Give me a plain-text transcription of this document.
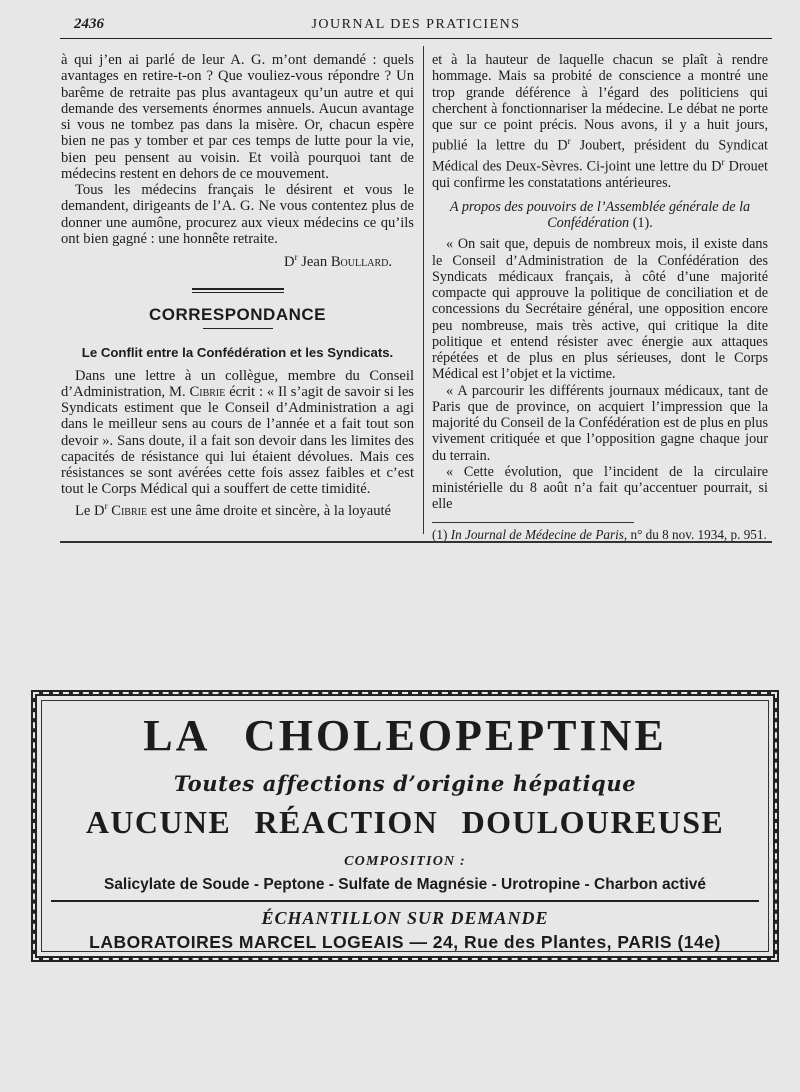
2436	JOURNAL DES PRATICIENS

à qui j’en ai parlé de leur A. G. m’ont demandé : quels avantages en retire-t-on ? Que vouliez-vous répondre ? Un barême de retraite pas plus avantageux qu’un autre et qui demande des versements énormes annuels. Aucun avantage si vous ne tombez pas dans la misère. Or, chacun espère bien ne pas y tomber et par ces temps de lutte pour la vie, bien peu pensent au voisin. Et voilà pourquoi tant de médecins restent en dehors de ce mouvement.

Tous les médecins français le désirent et vous le demandent, dirigeants de l’A. G. Ne vous contentez plus de donner une aumône, procurez aux vieux médecins ce qu’ils ont bien gagné : une honnête retraite.

$D^r$ Jean Boullard.

CORRESPONDANCE
Le Conflit entre la Confédération et les Syndicats.

Dans une lettre à un collègue, membre du Conseil d’Administration, M. Cibrie écrit : « Il s’agit de savoir si les Syndicats estiment que le Conseil d’Administration a agi dans le meilleur sens au cours de l’année et a fait tout son devoir ». Sans doute, il a fait son devoir dans les limites des capacités de résistance qui lui étaient dévolues. Mais ces résistances se sont avérées cette fois assez faibles et c’est tout le Corps Médical qui a souffert de cette timidité.

Le $D^r$ Cibrie est une âme droite et sincère, à la loyauté

et à la hauteur de laquelle chacun se plaît à rendre hommage. Mais sa probité de conscience a montré une trop grande déférence à l’égard des politiciens qui cherchent à fonctionnariser la médecine. Le débat ne porte que sur ce point précis. Nous avons, il y a huit jours, publié la lettre du $D^r$ Joubert, président du Syndicat Médical des Deux-Sèvres. Ci-joint une lettre du $D^r$ Drouet qui confirme les constatations antérieures.

A propos des pouvoirs de l’Assemblée générale de la Confédération (1).

« On sait que, depuis de nombreux mois, il existe dans le Conseil d’Administration de la Confédération des Syndicats médicaux français, à côté d’une majorité compacte qui approuve la politique de conciliation et de concessions du Secrétaire général, une opposition encore peu nombreuse, mais très active, qui critique la dite politique et entend résister avec énergie aux attaques répétées et de plus en plus sérieuses, dont le Corps Médical est l’objet et la victime.

« A parcourir les différents journaux médicaux, tant de Paris que de province, on acquiert l’impression que la majorité du Conseil de la Confédération est de plus en plus vivement critiquée et que l’opposition gagne chaque jour du terrain.

« Cette évolution, que l’incident de la circulaire ministérielle du 8 août n’a fait qu’accentuer pourrait, si elle

(1) In Journal de Médecine de Paris, n° du 8 nov. 1934, p. 951.

LA CHOLEOPEPTINE
Toutes affections d’origine hépatique
AUCUNE RÉACTION DOULOUREUSE
COMPOSITION :
Salicylate de Soude - Peptone - Sulfate de Magnésie - Urotropine - Charbon activé
ÉCHANTILLON SUR DEMANDE
LABORATOIRES MARCEL LOGEAIS — 24, Rue des Plantes, PARIS (14e)
